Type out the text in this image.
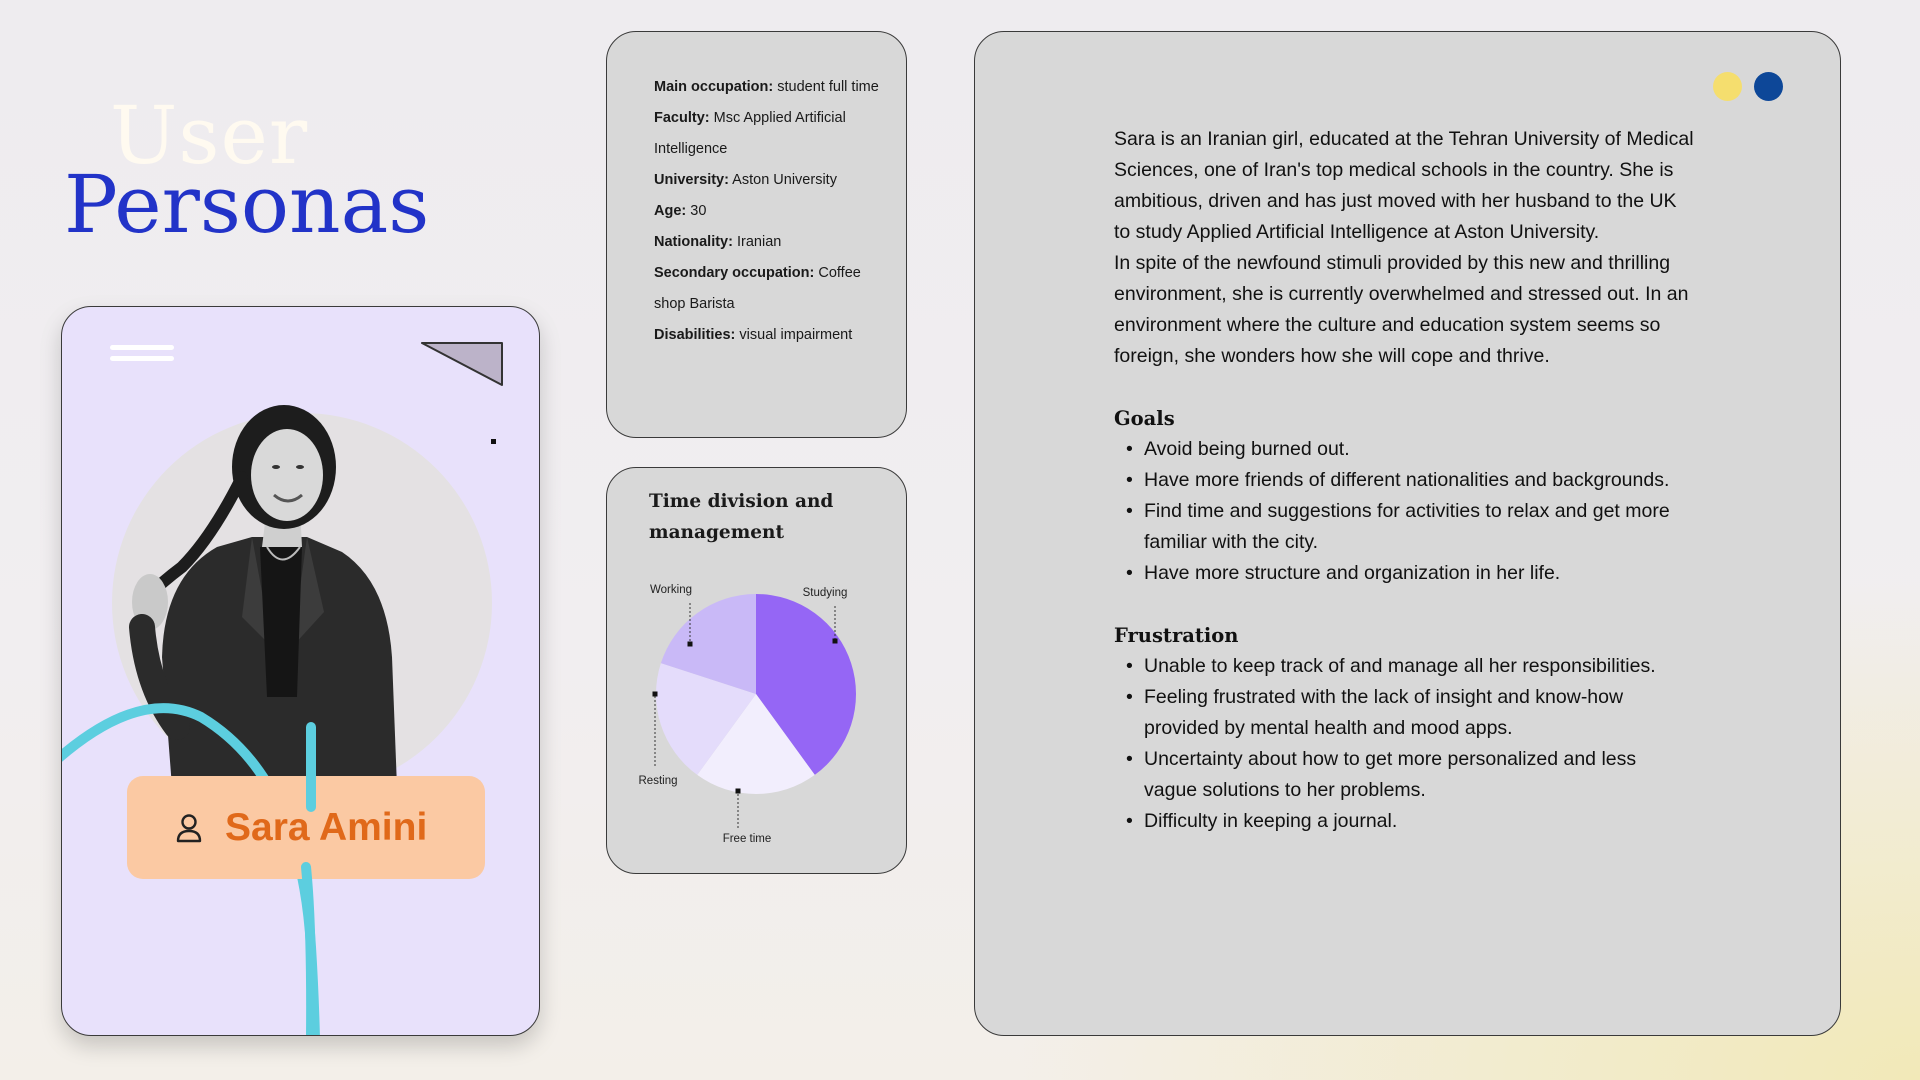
User
Personas
Sara Amini
Main occupation: student full time
Faculty: Msc Applied Artificial Intelligence
University: Aston University
Age: 30
Nationality: Iranian
Secondary occupation: Coffee shop Barista
Disabilities: visual impairment
Time division and management
Studying
Free time
Resting
Working

Sara is an Iranian girl, educated at the Tehran University of Medical Sciences, one of Iran's top medical schools in the country. She is ambitious, driven and has just moved with her husband to the UK to study Applied Artificial Intelligence at Aston University.

In spite of the newfound stimuli provided by this new and thrilling environment, she is currently overwhelmed and stressed out. In an environment where the culture and education system seems so foreign, she wonders how she will cope and thrive.

Goals
• Avoid being burned out.
• Have more friends of different nationalities and backgrounds.
• Find time and suggestions for activities to relax and get more familiar with the city.
• Have more structure and organization in her life.
Frustration
• Unable to keep track of and manage all her responsibilities.
• Feeling frustrated with the lack of insight and know-how provided by mental health and mood apps.
• Uncertainty about how to get more personalized and less vague solutions to her problems.
• Difficulty in keeping a journal.
